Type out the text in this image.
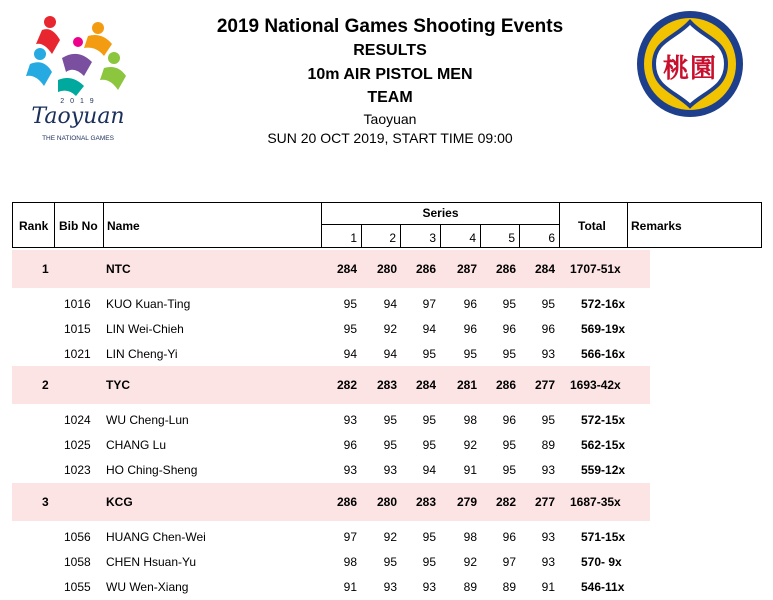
2 0 1 9
Taoyuan
THE NATIONAL GAMES
桃園
2019 National Games Shooting Events
RESULTS
10m AIR PISTOL MEN
TEAM
Taoyuan
SUN 20 OCT 2019, START TIME 09:00
Rank Bib No Name
Series
1	2	3	4	5	6
Total Remarks
1	NTC	284 280 286 287 286 284 1707-51x
1016 KUO Kuan-Ting	95 94 97 96 95 95 572-16x
1015 LIN Wei-Chieh	95 92 94 96 96 96 569-19x
1021 LIN Cheng-Yi	94 94 95 95 95 93 566-16x
2	TYC	282 283 284 281 286 277 1693-42x
1024 WU Cheng-Lun	93 95 95 98 96 95 572-15x
1025 CHANG Lu	96 95 95 92 95 89 562-15x
1023 HO Ching-Sheng	93 93 94 91 95 93 559-12x
3	KCG	286 280 283 279 282 277 1687-35x
1056 HUANG Chen-Wei	97 92 95 98 96 93 571-15x
1058 CHEN Hsuan-Yu	98 95 95 92 97 93 570- 9x
1055 WU Wen-Xiang	91 93 93 89 89 91 546-11x
